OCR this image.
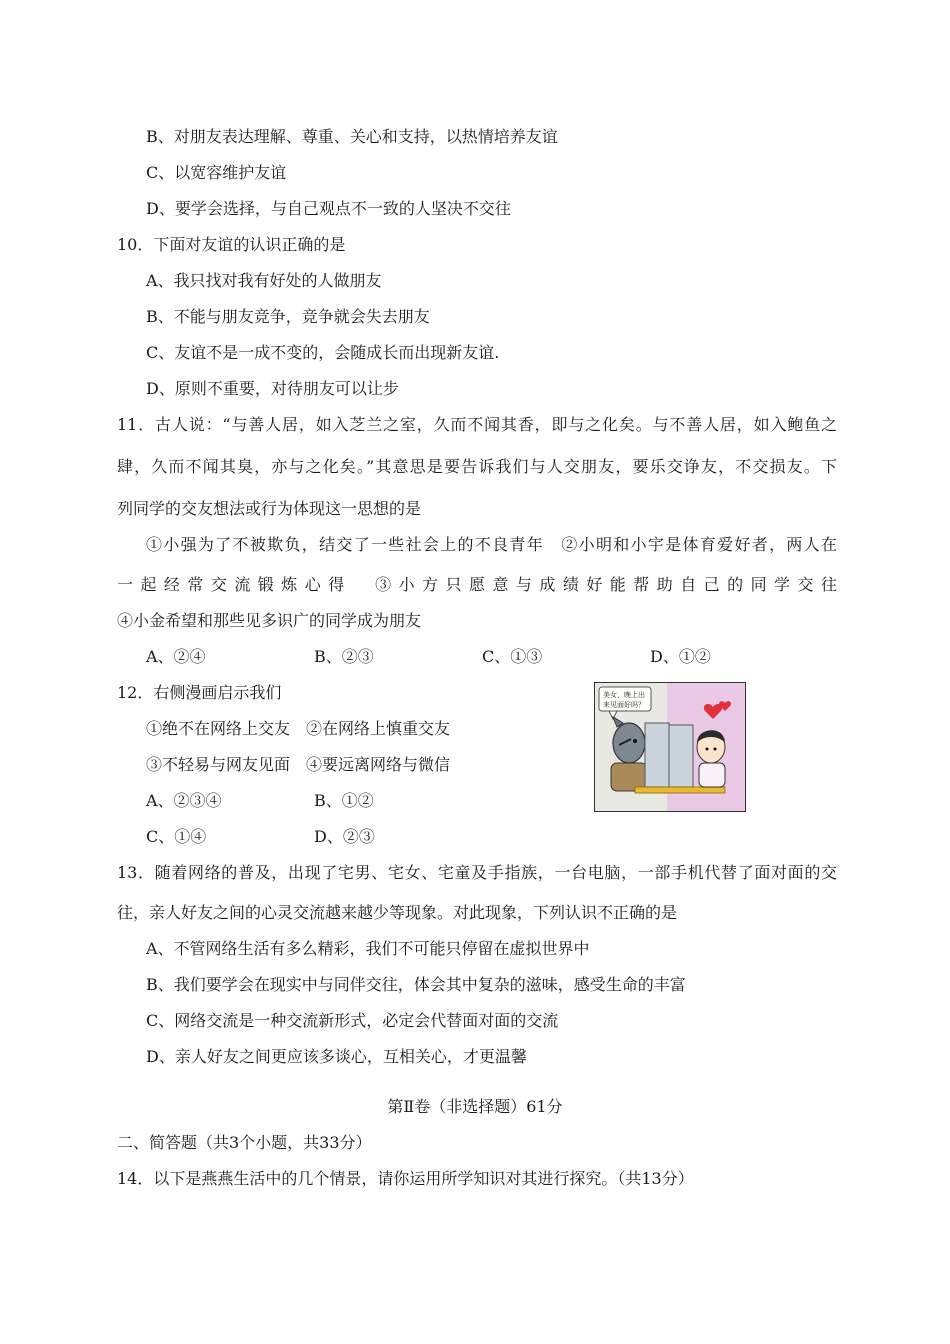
B、对朋友表达理解、尊重、关心和支持，以热情培养友谊
C、以宽容维护友谊
D、要学会选择，与自己观点不一致的人坚决不交往
10．下面对友谊的认识正确的是
A、我只找对我有好处的人做朋友
B、不能与朋友竞争，竞争就会失去朋友
C、友谊不是一成不变的，会随成长而出现新友谊.
D、原则不重要，对待朋友可以让步
11．古人说：“与善人居，如入芝兰之室，久而不闻其香，即与之化矣。与不善人居，如入鲍鱼之
肆，久而不闻其臭，亦与之化矣。”其意思是要告诉我们与人交朋友，要乐交诤友，不交损友。下
列同学的交友想法或行为体现这一思想的是
①小强为了不被欺负，结交了一些社会上的不良青年　②小明和小宇是体育爱好者，两人在
一起经常交流锻炼心得　③小方只愿意与成绩好能帮助自己的同学交往
④小金希望和那些见多识广的同学成为朋友
A、②④	B、②③	C、①③	D、①②
12．右侧漫画启示我们
①绝不在网络上交友　②在网络上慎重交友
③不轻易与网友见面　④要远离网络与微信
A、②③④	B、①②
C、①④	D、②③
美女，晚上出
来见面好吗？
13．随着网络的普及，出现了宅男、宅女、宅童及手指族，一台电脑，一部手机代替了面对面的交
往，亲人好友之间的心灵交流越来越少等现象。对此现象，下列认识不正确的是
A、不管网络生活有多么精彩，我们不可能只停留在虚拟世界中
B、我们要学会在现实中与同伴交往，体会其中复杂的滋味，感受生命的丰富
C、网络交流是一种交流新形式，必定会代替面对面的交流
D、亲人好友之间更应该多谈心，互相关心，才更温馨
第Ⅱ卷（非选择题）61分
二、简答题（共3个小题，共33分）
14．以下是燕燕生活中的几个情景，请你运用所学知识对其进行探究。（共13分）
